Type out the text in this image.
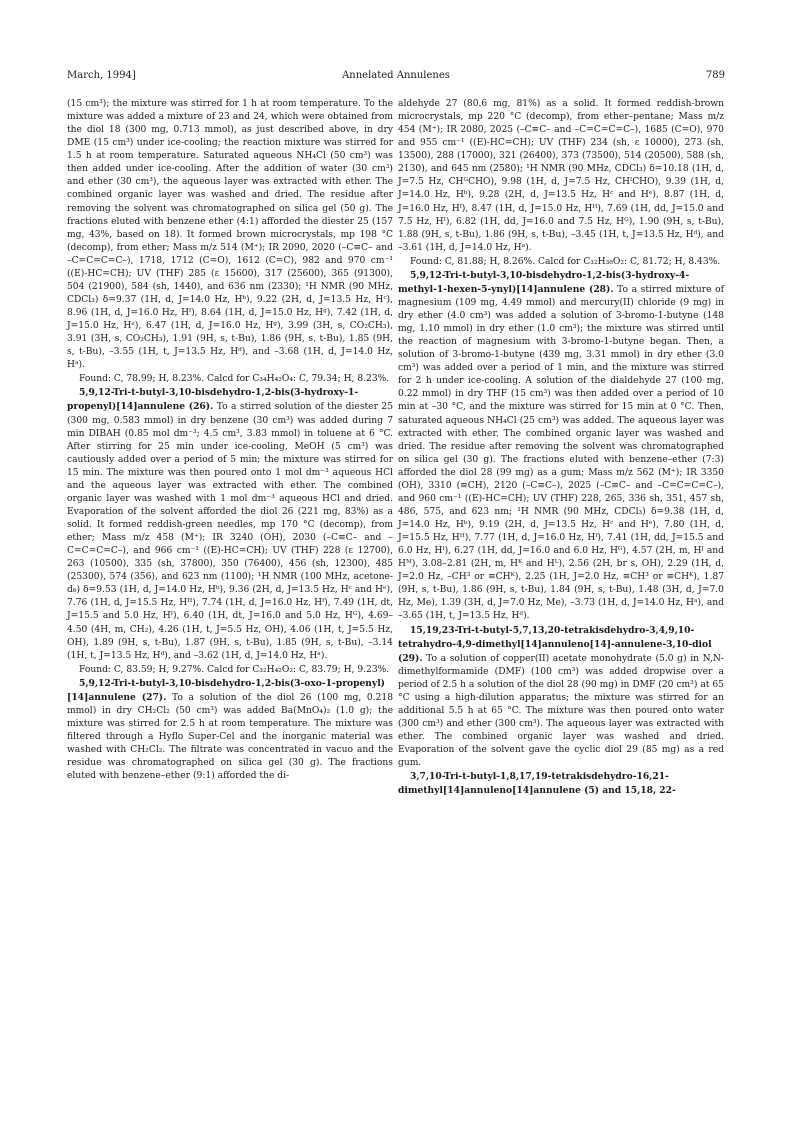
March, 1994]	Annelated Annulenes	789

(15 cm³); the mixture was stirred for 1 h at room temperature. To the mixture was added a mixture of 23 and 24, which were obtained from the diol 18 (300 mg, 0.713 mmol), as just described above, in dry DME (15 cm³) under ice-cooling; the reaction mixture was stirred for 1.5 h at room temperature. Saturated aqueous NH₄Cl (50 cm³) was then added under ice-cooling. After the addition of water (30 cm³) and ether (30 cm³), the aqueous layer was extracted with ether. The combined organic layer was washed and dried. The residue after removing the solvent was chromatographed on silica gel (50 g). The fractions eluted with benzene ether (4:1) afforded the diester 25 (157 mg, 43%, based on 18). It formed brown microcrystals, mp 198 °C (decomp), from ether; Mass m/z 514 (M⁺); IR 2090, 2020 (–C≡C– and –C=C=C=C–), 1718, 1712 (C=O), 1612 (C=C), 982 and 970 cm⁻¹ ((E)-HC=CH); UV (THF) 285 (ε 15600), 317 (25600), 365 (91300), 504 (21900), 584 (sh, 1440), and 636 nm (2330); ¹H NMR (90 MHz, CDCl₃) δ=9.37 (1H, d, J=14.0 Hz, Hᵇ), 9.22 (2H, d, J=13.5 Hz, Hᶜ), 8.96 (1H, d, J=16.0 Hz, Hᶠ), 8.64 (1H, d, J=15.0 Hz, Hᵍ), 7.42 (1H, d, J=15.0 Hz, Hᵉ), 6.47 (1H, d, J=16.0 Hz, Hᵍ), 3.99 (3H, s, CO₂CH₃), 3.91 (3H, s, CO₂CH₃), 1.91 (9H, s, t-Bu), 1.86 (9H, s, t-Bu), 1.85 (9H, s, t-Bu), –3.55 (1H, t, J=13.5 Hz, Hᵈ), and –3.68 (1H, d, J=14.0 Hz, Hᵃ).

Found: C, 78.99; H, 8.23%. Calcd for C₃₄H₄₂O₄: C, 79.34; H, 8.23%.

5,9,12-Tri-t-butyl-3,10-bisdehydro-1,2-bis(3-hydroxy-1-propenyl)[14]annulene (26). To a stirred solution of the diester 25 (300 mg, 0.583 mmol) in dry benzene (30 cm³) was added during 7 min DIBAH (0.85 mol dm⁻³; 4.5 cm³, 3.83 mmol) in toluene at 6 °C. After stirring for 25 min under ice-cooling, MeOH (5 cm³) was cautiously added over a period of 5 min; the mixture was stirred for 15 min. The mixture was then poured onto 1 mol dm⁻³ aqueous HCl and the aqueous layer was extracted with ether. The combined organic layer was washed with 1 mol dm⁻³ aqueous HCl and dried. Evaporation of the solvent afforded the diol 26 (221 mg, 83%) as a solid. It formed reddish-green needles, mp 170 °C (decomp), from ether; Mass m/z 458 (M⁺); IR 3240 (OH), 2030 (–C≡C– and –C=C=C=C–), and 966 cm⁻¹ ((E)-HC=CH); UV (THF) 228 (ε 12700), 263 (10500), 335 (sh, 37800), 350 (76400), 456 (sh, 12300), 485 (25300), 574 (356), and 623 nm (1100); ¹H NMR (100 MHz, acetone-d₆) δ=9.53 (1H, d, J=14.0 Hz, Hᵇ), 9.36 (2H, d, J=13.5 Hz, Hᶜ and Hᵉ), 7.76 (1H, d, J=15.5 Hz, Hᴴ), 7.74 (1H, d, J=16.0 Hz, Hᶠ), 7.49 (1H, dt, J=15.5 and 5.0 Hz, Hᴵ), 6.40 (1H, dt, J=16.0 and 5.0 Hz, Hᴳ), 4.69–4.50 (4H, m, CH₂), 4.26 (1H, t, J=5.5 Hz, OH), 4.06 (1H, t, J=5.5 Hz, OH), 1.89 (9H, s, t-Bu), 1.87 (9H, s, t-Bu), 1.85 (9H, s, t-Bu), –3.14 (1H, t, J=13.5 Hz, Hᵈ), and –3.62 (1H, d, J=14.0 Hz, Hᵃ).

Found: C, 83.59; H, 9.27%. Calcd for C₃₂H₄₂O₂: C, 83.79; H, 9.23%.

5,9,12-Tri-t-butyl-3,10-bisdehydro-1,2-bis(3-oxo-1-propenyl)[14]annulene (27). To a solution of the diol 26 (100 mg, 0.218 mmol) in dry CH₂Cl₂ (50 cm³) was added Ba(MnO₄)₂ (1.0 g); the mixture was stirred for 2.5 h at room temperature. The mixture was filtered through a Hyflo Super-Cel and the inorganic material was washed with CH₂Cl₂. The filtrate was concentrated in vacuo and the residue was chromatographed on silica gel (30 g). The fractions eluted with benzene–ether (9:1) afforded the di-

aldehyde 27 (80.6 mg, 81%) as a solid. It formed reddish-brown microcrystals, mp 220 °C (decomp), from ether–pentane; Mass m/z 454 (M⁺); IR 2080, 2025 (–C≡C– and –C=C=C=C–), 1685 (C=O), 970 and 955 cm⁻¹ ((E)-HC=CH); UV (THF) 234 (sh, ε 10000), 273 (sh, 13500), 288 (17000), 321 (26400), 373 (73500), 514 (20500), 588 (sh, 2130), and 645 nm (2580); ¹H NMR (90 MHz, CDCl₃) δ=10.18 (1H, d, J=7.5 Hz, CHᴳCHO), 9.98 (1H, d, J=7.5 Hz, CHᴵCHO), 9.39 (1H, d, J=14.0 Hz, Hᵇ), 9.28 (2H, d, J=13.5 Hz, Hᶜ and Hᵉ), 8.87 (1H, d, J=16.0 Hz, Hᶠ), 8.47 (1H, d, J=15.0 Hz, Hᴴ), 7.69 (1H, dd, J=15.0 and 7.5 Hz, Hᴵ), 6.82 (1H, dd, J=16.0 and 7.5 Hz, Hᴳ), 1.90 (9H, s, t-Bu), 1.88 (9H, s, t-Bu), 1.86 (9H, s, t-Bu), –3.45 (1H, t, J=13.5 Hz, Hᵈ), and –3.61 (1H, d, J=14.0 Hz, Hᵃ).

Found: C, 81.88; H, 8.26%. Calcd for C₃₂H₃₈O₂: C, 81.72; H, 8.43%.

5,9,12-Tri-t-butyl-3,10-bisdehydro-1,2-bis(3-hydroxy-4-methyl-1-hexen-5-ynyl)[14]annulene (28). To a stirred mixture of magnesium (109 mg, 4.49 mmol) and mercury(II) chloride (9 mg) in dry ether (4.0 cm³) was added a solution of 3-bromo-1-butyne (148 mg, 1.10 mmol) in dry ether (1.0 cm³); the mixture was stirred until the reaction of magnesium with 3-bromo-1-butyne began. Then, a solution of 3-bromo-1-butyne (439 mg, 3.31 mmol) in dry ether (3.0 cm³) was added over a period of 1 min, and the mixture was stirred for 2 h under ice-cooling. A solution of the dialdehyde 27 (100 mg, 0.22 mmol) in dry THF (15 cm³) was then added over a period of 10 min at –30 °C, and the mixture was stirred for 15 min at 0 °C. Then, saturated aqueous NH₄Cl (25 cm³) was added. The aqueous layer was extracted with ether. The combined organic layer was washed and dried. The residue after removing the solvent was chromatographed on silica gel (30 g). The fractions eluted with benzene–ether (7:3) afforded the diol 28 (99 mg) as a gum; Mass m/z 562 (M⁺); IR 3350 (OH), 3310 (≡CH), 2120 (–C≡C–), 2025 (–C≡C– and –C=C=C=C–), and 960 cm⁻¹ ((E)-HC=CH); UV (THF) 228, 265, 336 sh, 351, 457 sh, 486, 575, and 623 nm; ¹H NMR (90 MHz, CDCl₃) δ=9.38 (1H, d, J=14.0 Hz, Hᵇ), 9.19 (2H, d, J=13.5 Hz, Hᶜ and Hᵉ), 7.80 (1H, d, J=15.5 Hz, Hᴴ), 7.77 (1H, d, J=16.0 Hz, Hᶠ), 7.41 (1H, dd, J=15.5 and 6.0 Hz, Hᴵ), 6.27 (1H, dd, J=16.0 and 6.0 Hz, Hᴳ), 4.57 (2H, m, Hᴶ and Hᴹ), 3.08–2.81 (2H, m, Hᴷ and Hᴸ), 2.56 (2H, br s, OH), 2.29 (1H, d, J=2.0 Hz, –CH³ or ≡CHᴷ), 2.25 (1H, J=2.0 Hz, ≡CH³ or ≡CHᴷ), 1.87 (9H, s, t-Bu), 1.86 (9H, s, t-Bu), 1.84 (9H, s, t-Bu), 1.48 (3H, d, J=7.0 Hz, Me), 1.39 (3H, d, J=7.0 Hz, Me), –3.73 (1H, d, J=14.0 Hz, Hᵃ), and –3.65 (1H, t, J=13.5 Hz, Hᵈ).

15,19,23-Tri-t-butyl-5,7,13,20-tetrakisdehydro-3,4,9,10-tetrahydro-4,9-dimethyl[14]annuleno[14]-annulene-3,10-diol (29). To a solution of copper(II) acetate monohydrate (5.0 g) in N,N-dimethylformamide (DMF) (100 cm³) was added dropwise over a period of 2.5 h a solution of the diol 28 (90 mg) in DMF (20 cm³) at 65 °C using a high-dilution apparatus; the mixture was stirred for an additional 5.5 h at 65 °C. The mixture was then poured onto water (300 cm³) and ether (300 cm³). The aqueous layer was extracted with ether. The combined organic layer was washed and dried. Evaporation of the solvent gave the cyclic diol 29 (85 mg) as a red gum.

3,7,10-Tri-t-butyl-1,8,17,19-tetrakisdehydro-16,21-dimethyl[14]annuleno[14]annulene (5) and 15,18, 22-
